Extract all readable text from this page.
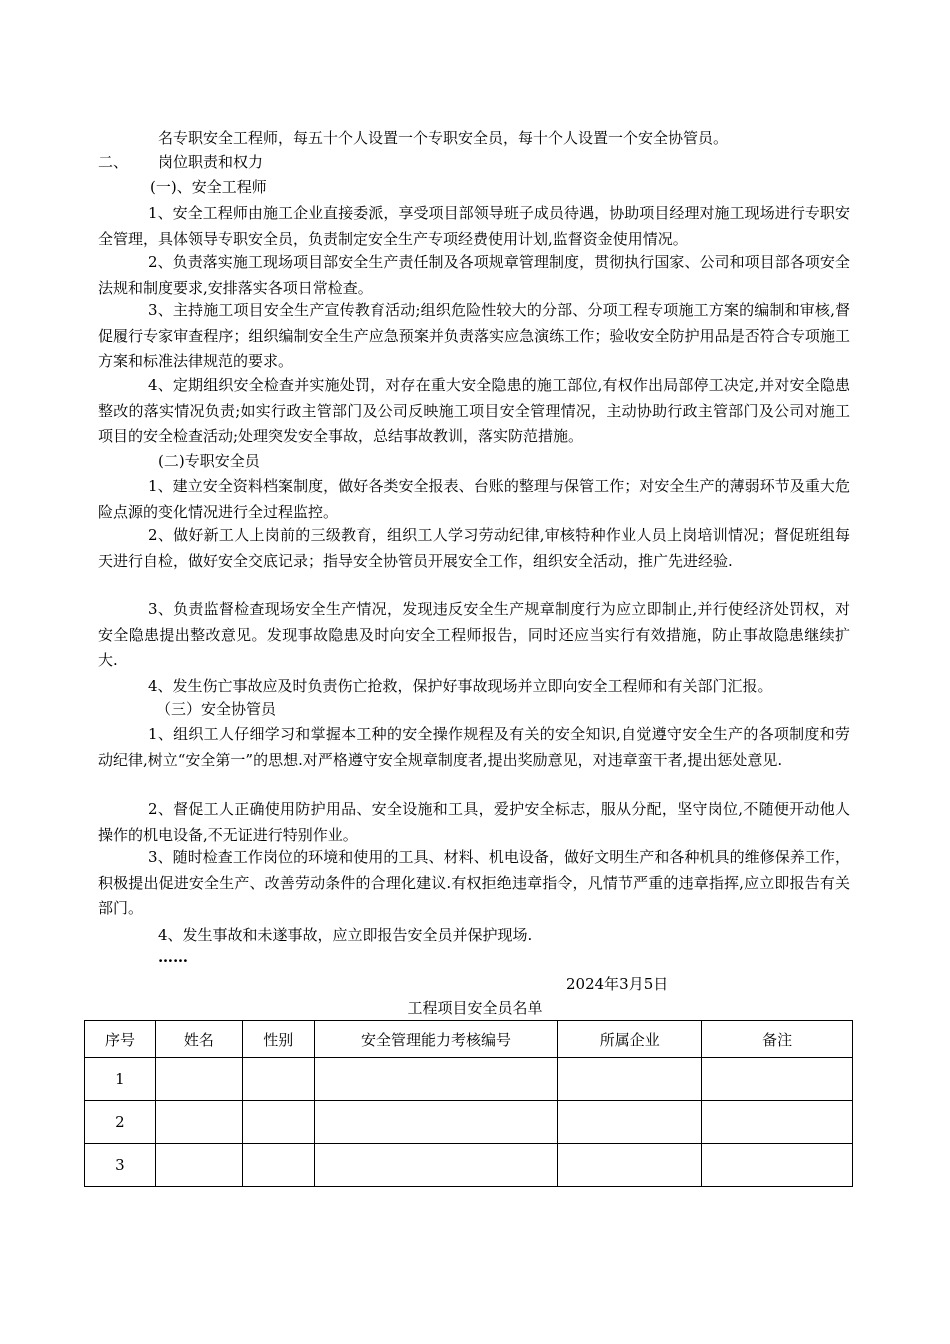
名专职安全工程师，每五十个人设置一个专职安全员，每十个人设置一个安全协管员。
二、 岗位职责和权力
(一)、安全工程师
1、安全工程师由施工企业直接委派，享受项目部领导班子成员待遇，协助项目经理对施工现场进行专职安全管理，具体领导专职安全员，负责制定安全生产专项经费使用计划,监督资金使用情况。
2、负责落实施工现场项目部安全生产责任制及各项规章管理制度，贯彻执行国家、公司和项目部各项安全法规和制度要求,安排落实各项日常检查。
3、主持施工项目安全生产宣传教育活动;组织危险性较大的分部、分项工程专项施工方案的编制和审核,督促履行专家审查程序；组织编制安全生产应急预案并负责落实应急演练工作；验收安全防护用品是否符合专项施工方案和标准法律规范的要求。
4、定期组织安全检查并实施处罚，对存在重大安全隐患的施工部位,有权作出局部停工决定,并对安全隐患整改的落实情况负责;如实行政主管部门及公司反映施工项目安全管理情况，主动协助行政主管部门及公司对施工项目的安全检查活动;处理突发安全事故，总结事故教训，落实防范措施。
(二)专职安全员
1、建立安全资料档案制度，做好各类安全报表、台账的整理与保管工作；对安全生产的薄弱环节及重大危险点源的变化情况进行全过程监控。
2、做好新工人上岗前的三级教育，组织工人学习劳动纪律,审核特种作业人员上岗培训情况；督促班组每天进行自检，做好安全交底记录；指导安全协管员开展安全工作，组织安全活动，推广先进经验.
3、负责监督检查现场安全生产情况，发现违反安全生产规章制度行为应立即制止,并行使经济处罚权，对安全隐患提出整改意见。发现事故隐患及时向安全工程师报告，同时还应当实行有效措施，防止事故隐患继续扩大.
4、发生伤亡事故应及时负责伤亡抢救，保护好事故现场并立即向安全工程师和有关部门汇报。
（三）安全协管员
1、组织工人仔细学习和掌握本工种的安全操作规程及有关的安全知识,自觉遵守安全生产的各项制度和劳动纪律,树立“安全第一”的思想.对严格遵守安全规章制度者,提出奖励意见，对违章蛮干者,提出惩处意见.
2、督促工人正确使用防护用品、安全设施和工具，爱护安全标志，服从分配，坚守岗位,不随便开动他人操作的机电设备,不无证进行特别作业。
3、随时检查工作岗位的环境和使用的工具、材料、机电设备，做好文明生产和各种机具的维修保养工作，积极提出促进安全生产、改善劳动条件的合理化建议.有权拒绝违章指令，凡情节严重的违章指挥,应立即报告有关部门。
4、发生事故和未遂事故，应立即报告安全员并保护现场.
……
2024年3月5日
工程项目安全员名单
序号	姓名	性别	安全管理能力考核编号	所属企业	备注
1					
2					
3					
